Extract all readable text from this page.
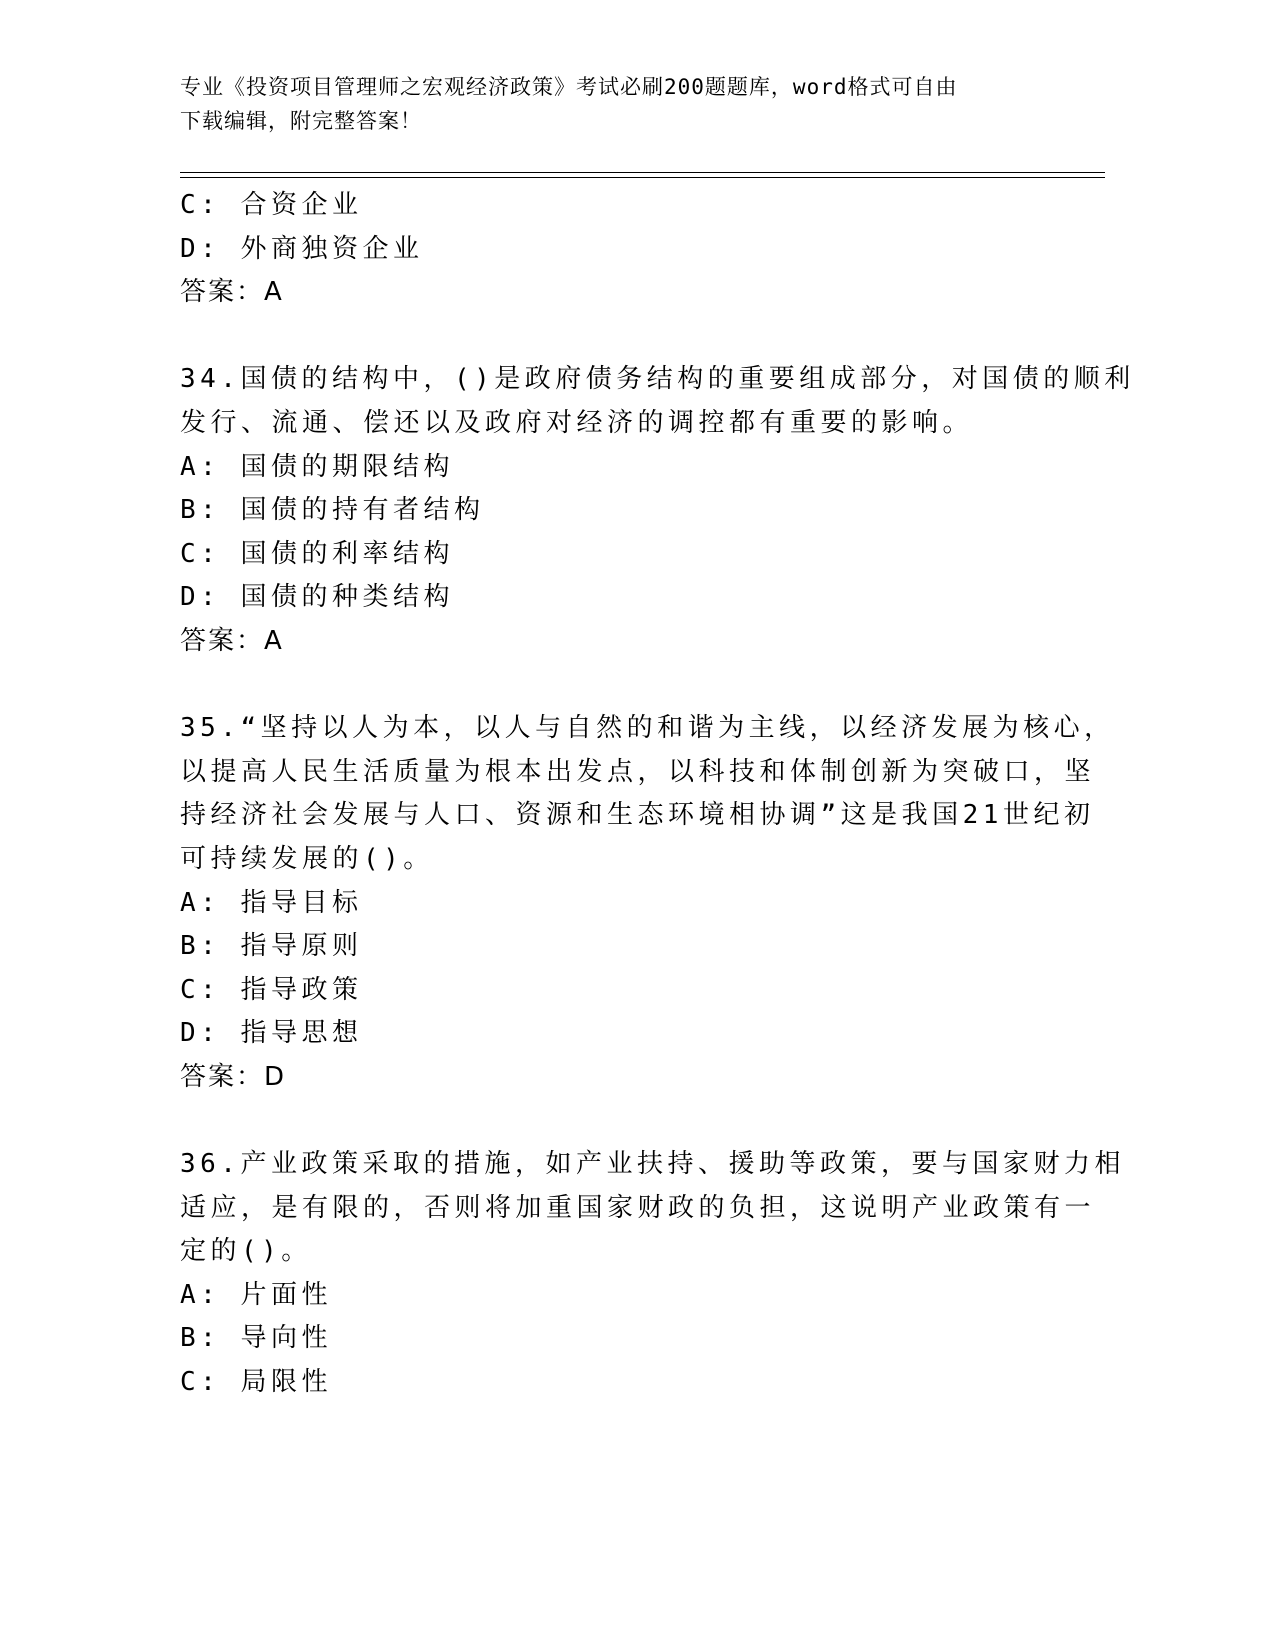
专业《投资项目管理师之宏观经济政策》考试必刷200题题库，word格式可自由
下载编辑，附完整答案！
C: 合资企业
D: 外商独资企业
答案：A
34.国债的结构中，()是政府债务结构的重要组成部分，对国债的顺利
发行、流通、偿还以及政府对经济的调控都有重要的影响。
A: 国债的期限结构
B: 国债的持有者结构
C: 国债的利率结构
D: 国债的种类结构
答案：A
35.“坚持以人为本，以人与自然的和谐为主线，以经济发展为核心，
以提高人民生活质量为根本出发点，以科技和体制创新为突破口，坚
持经济社会发展与人口、资源和生态环境相协调”这是我国21世纪初
可持续发展的()。
A: 指导目标
B: 指导原则
C: 指导政策
D: 指导思想
答案：D
36.产业政策采取的措施，如产业扶持、援助等政策，要与国家财力相
适应，是有限的，否则将加重国家财政的负担，这说明产业政策有一
定的()。
A: 片面性
B: 导向性
C: 局限性
